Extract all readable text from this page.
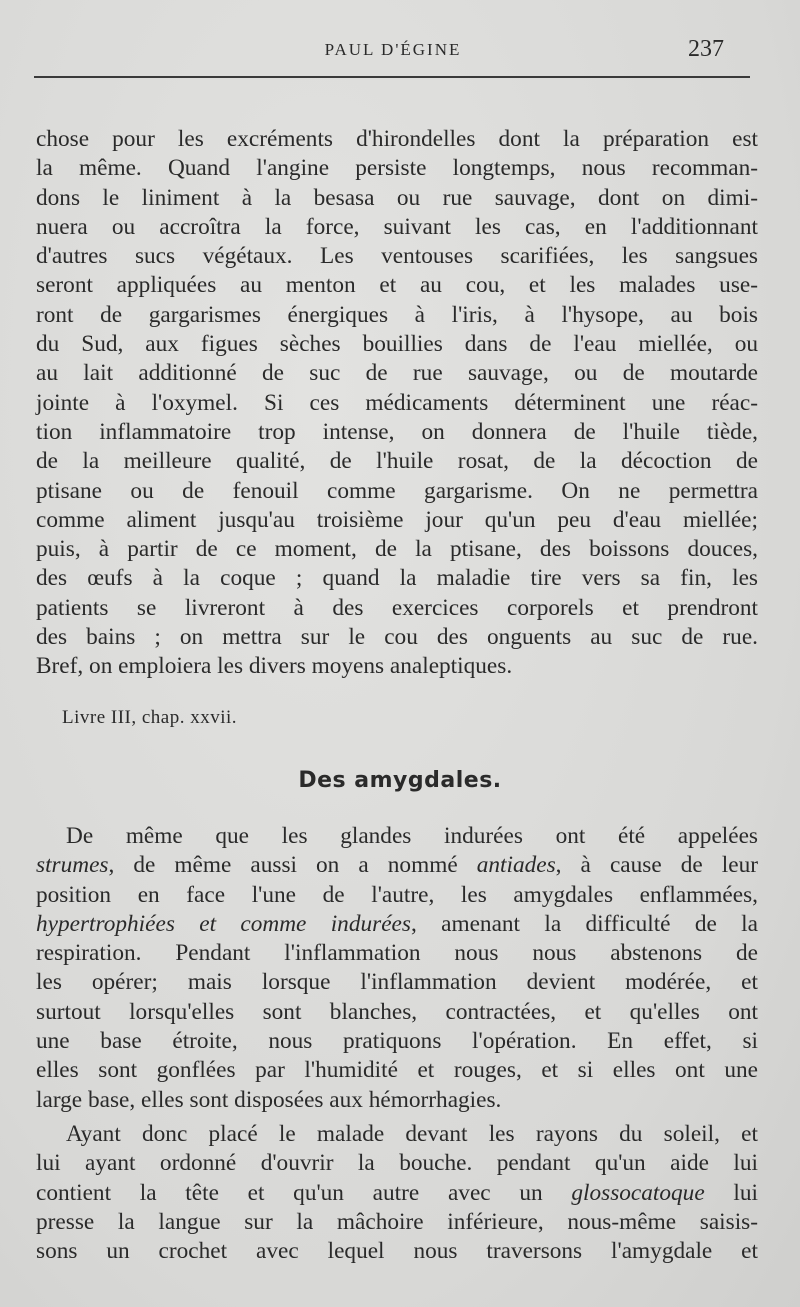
PAUL D'ÉGINE	237
chose pour les excréments d'hirondelles dont la préparation est
la même. Quand l'angine persiste longtemps, nous recomman-
dons le liniment à la besasa ou rue sauvage, dont on dimi-
nuera ou accroîtra la force, suivant les cas, en l'additionnant
d'autres sucs végétaux. Les ventouses scarifiées, les sangsues
seront appliquées au menton et au cou, et les malades use-
ront de gargarismes énergiques à l'iris, à l'hysope, au bois
du Sud, aux figues sèches bouillies dans de l'eau miellée, ou
au lait additionné de suc de rue sauvage, ou de moutarde
jointe à l'oxymel. Si ces médicaments déterminent une réac-
tion inflammatoire trop intense, on donnera de l'huile tiède,
de la meilleure qualité, de l'huile rosat, de la décoction de
ptisane ou de fenouil comme gargarisme. On ne permettra
comme aliment jusqu'au troisième jour qu'un peu d'eau miellée;
puis, à partir de ce moment, de la ptisane, des boissons douces,
des œufs à la coque ; quand la maladie tire vers sa fin, les
patients se livreront à des exercices corporels et prendront
des bains ; on mettra sur le cou des onguents au suc de rue.
Bref, on emploiera les divers moyens analeptiques.
Livre III, chap. xxvii.
Des amygdales.
De même que les glandes indurées ont été appelées
strumes, de même aussi on a nommé antiades, à cause de leur
position en face l'une de l'autre, les amygdales enflammées,
hypertrophiées et comme indurées, amenant la difficulté de la
respiration. Pendant l'inflammation nous nous abstenons de
les opérer; mais lorsque l'inflammation devient modérée, et
surtout lorsqu'elles sont blanches, contractées, et qu'elles ont
une base étroite, nous pratiquons l'opération. En effet, si
elles sont gonflées par l'humidité et rouges, et si elles ont une
large base, elles sont disposées aux hémorrhagies.
Ayant donc placé le malade devant les rayons du soleil, et
lui ayant ordonné d'ouvrir la bouche. pendant qu'un aide lui
contient la tête et qu'un autre avec un glossocatoque lui
presse la langue sur la mâchoire inférieure, nous-même saisis-
sons un crochet avec lequel nous traversons l'amygdale et
